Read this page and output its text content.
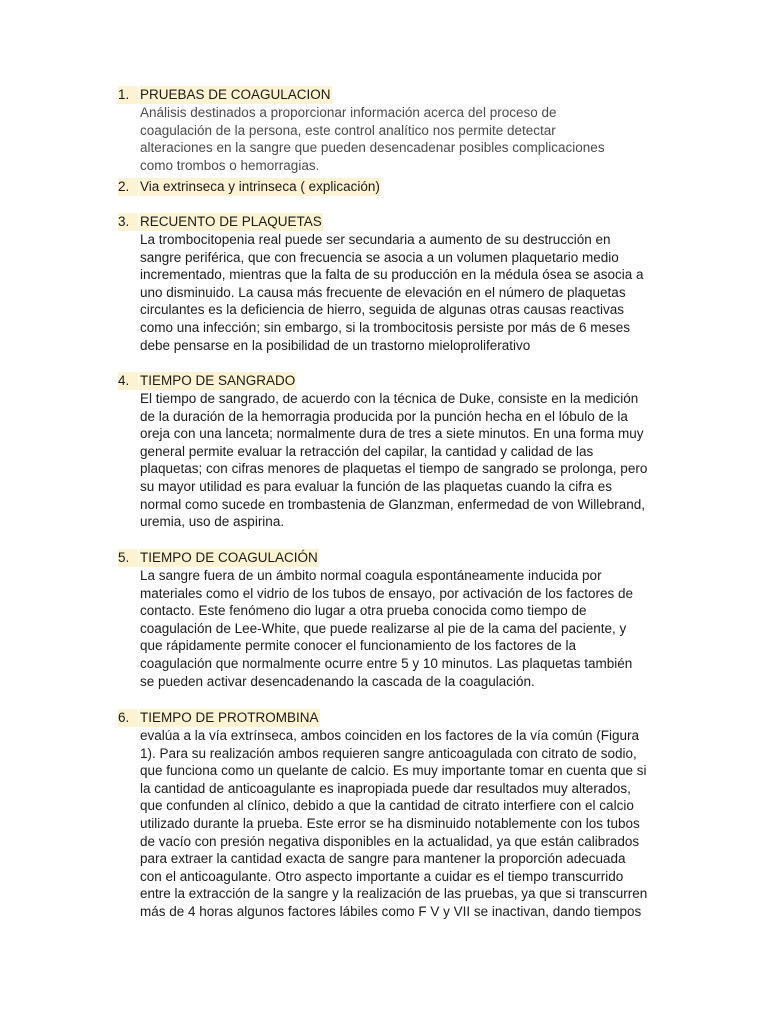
1. PRUEBAS DE COAGULACION

Análisis destinados a proporcionar información acerca del proceso de

coagulación de la persona, este control analítico nos permite detectar

alteraciones en la sangre que pueden desencadenar posibles complicaciones

como trombos o hemorragias.

2. Via extrinseca y intrinseca ( explicación)
3. RECUENTO DE PLAQUETAS

La trombocitopenia real puede ser secundaria a aumento de su destrucción en

sangre periférica, que con frecuencia se asocia a un volumen plaquetario medio

incrementado, mientras que la falta de su producción en la médula ósea se asocia a

uno disminuido. La causa más frecuente de elevación en el número de plaquetas

circulantes es la deficiencia de hierro, seguida de algunas otras causas reactivas

como una infección; sin embargo, si la trombocitosis persiste por más de 6 meses

debe pensarse en la posibilidad de un trastorno mieloproliferativo

4. TIEMPO DE SANGRADO

El tiempo de sangrado, de acuerdo con la técnica de Duke, consiste en la medición

de la duración de la hemorragia producida por la punción hecha en el lóbulo de la

oreja con una lanceta; normalmente dura de tres a siete minutos. En una forma muy

general permite evaluar la retracción del capilar, la cantidad y calidad de las

plaquetas; con cifras menores de plaquetas el tiempo de sangrado se prolonga, pero

su mayor utilidad es para evaluar la función de las plaquetas cuando la cifra es

normal como sucede en trombastenia de Glanzman, enfermedad de von Willebrand,

uremia, uso de aspirina.

5. TIEMPO DE COAGULACIÓN

La sangre fuera de un ámbito normal coagula espontáneamente inducida por

materiales como el vidrio de los tubos de ensayo, por activación de los factores de

contacto. Este fenómeno dio lugar a otra prueba conocida como tiempo de

coagulación de Lee-White, que puede realizarse al pie de la cama del paciente, y

que rápidamente permite conocer el funcionamiento de los factores de la

coagulación que normalmente ocurre entre 5 y 10 minutos. Las plaquetas también

se pueden activar desencadenando la cascada de la coagulación.

6. TIEMPO DE PROTROMBINA

evalúa a la vía extrínseca, ambos coinciden en los factores de la vía común (Figura

1). Para su realización ambos requieren sangre anticoagulada con citrato de sodio,

que funciona como un quelante de calcio. Es muy importante tomar en cuenta que si

la cantidad de anticoagulante es inapropiada puede dar resultados muy alterados,

que confunden al clínico, debido a que la cantidad de citrato interfiere con el calcio

utilizado durante la prueba. Este error se ha disminuido notablemente con los tubos

de vacío con presión negativa disponibles en la actualidad, ya que están calibrados

para extraer la cantidad exacta de sangre para mantener la proporción adecuada

con el anticoagulante. Otro aspecto importante a cuidar es el tiempo transcurrido

entre la extracción de la sangre y la realización de las pruebas, ya que si transcurren

más de 4 horas algunos factores lábiles como F V y VII se inactivan, dando tiempos
